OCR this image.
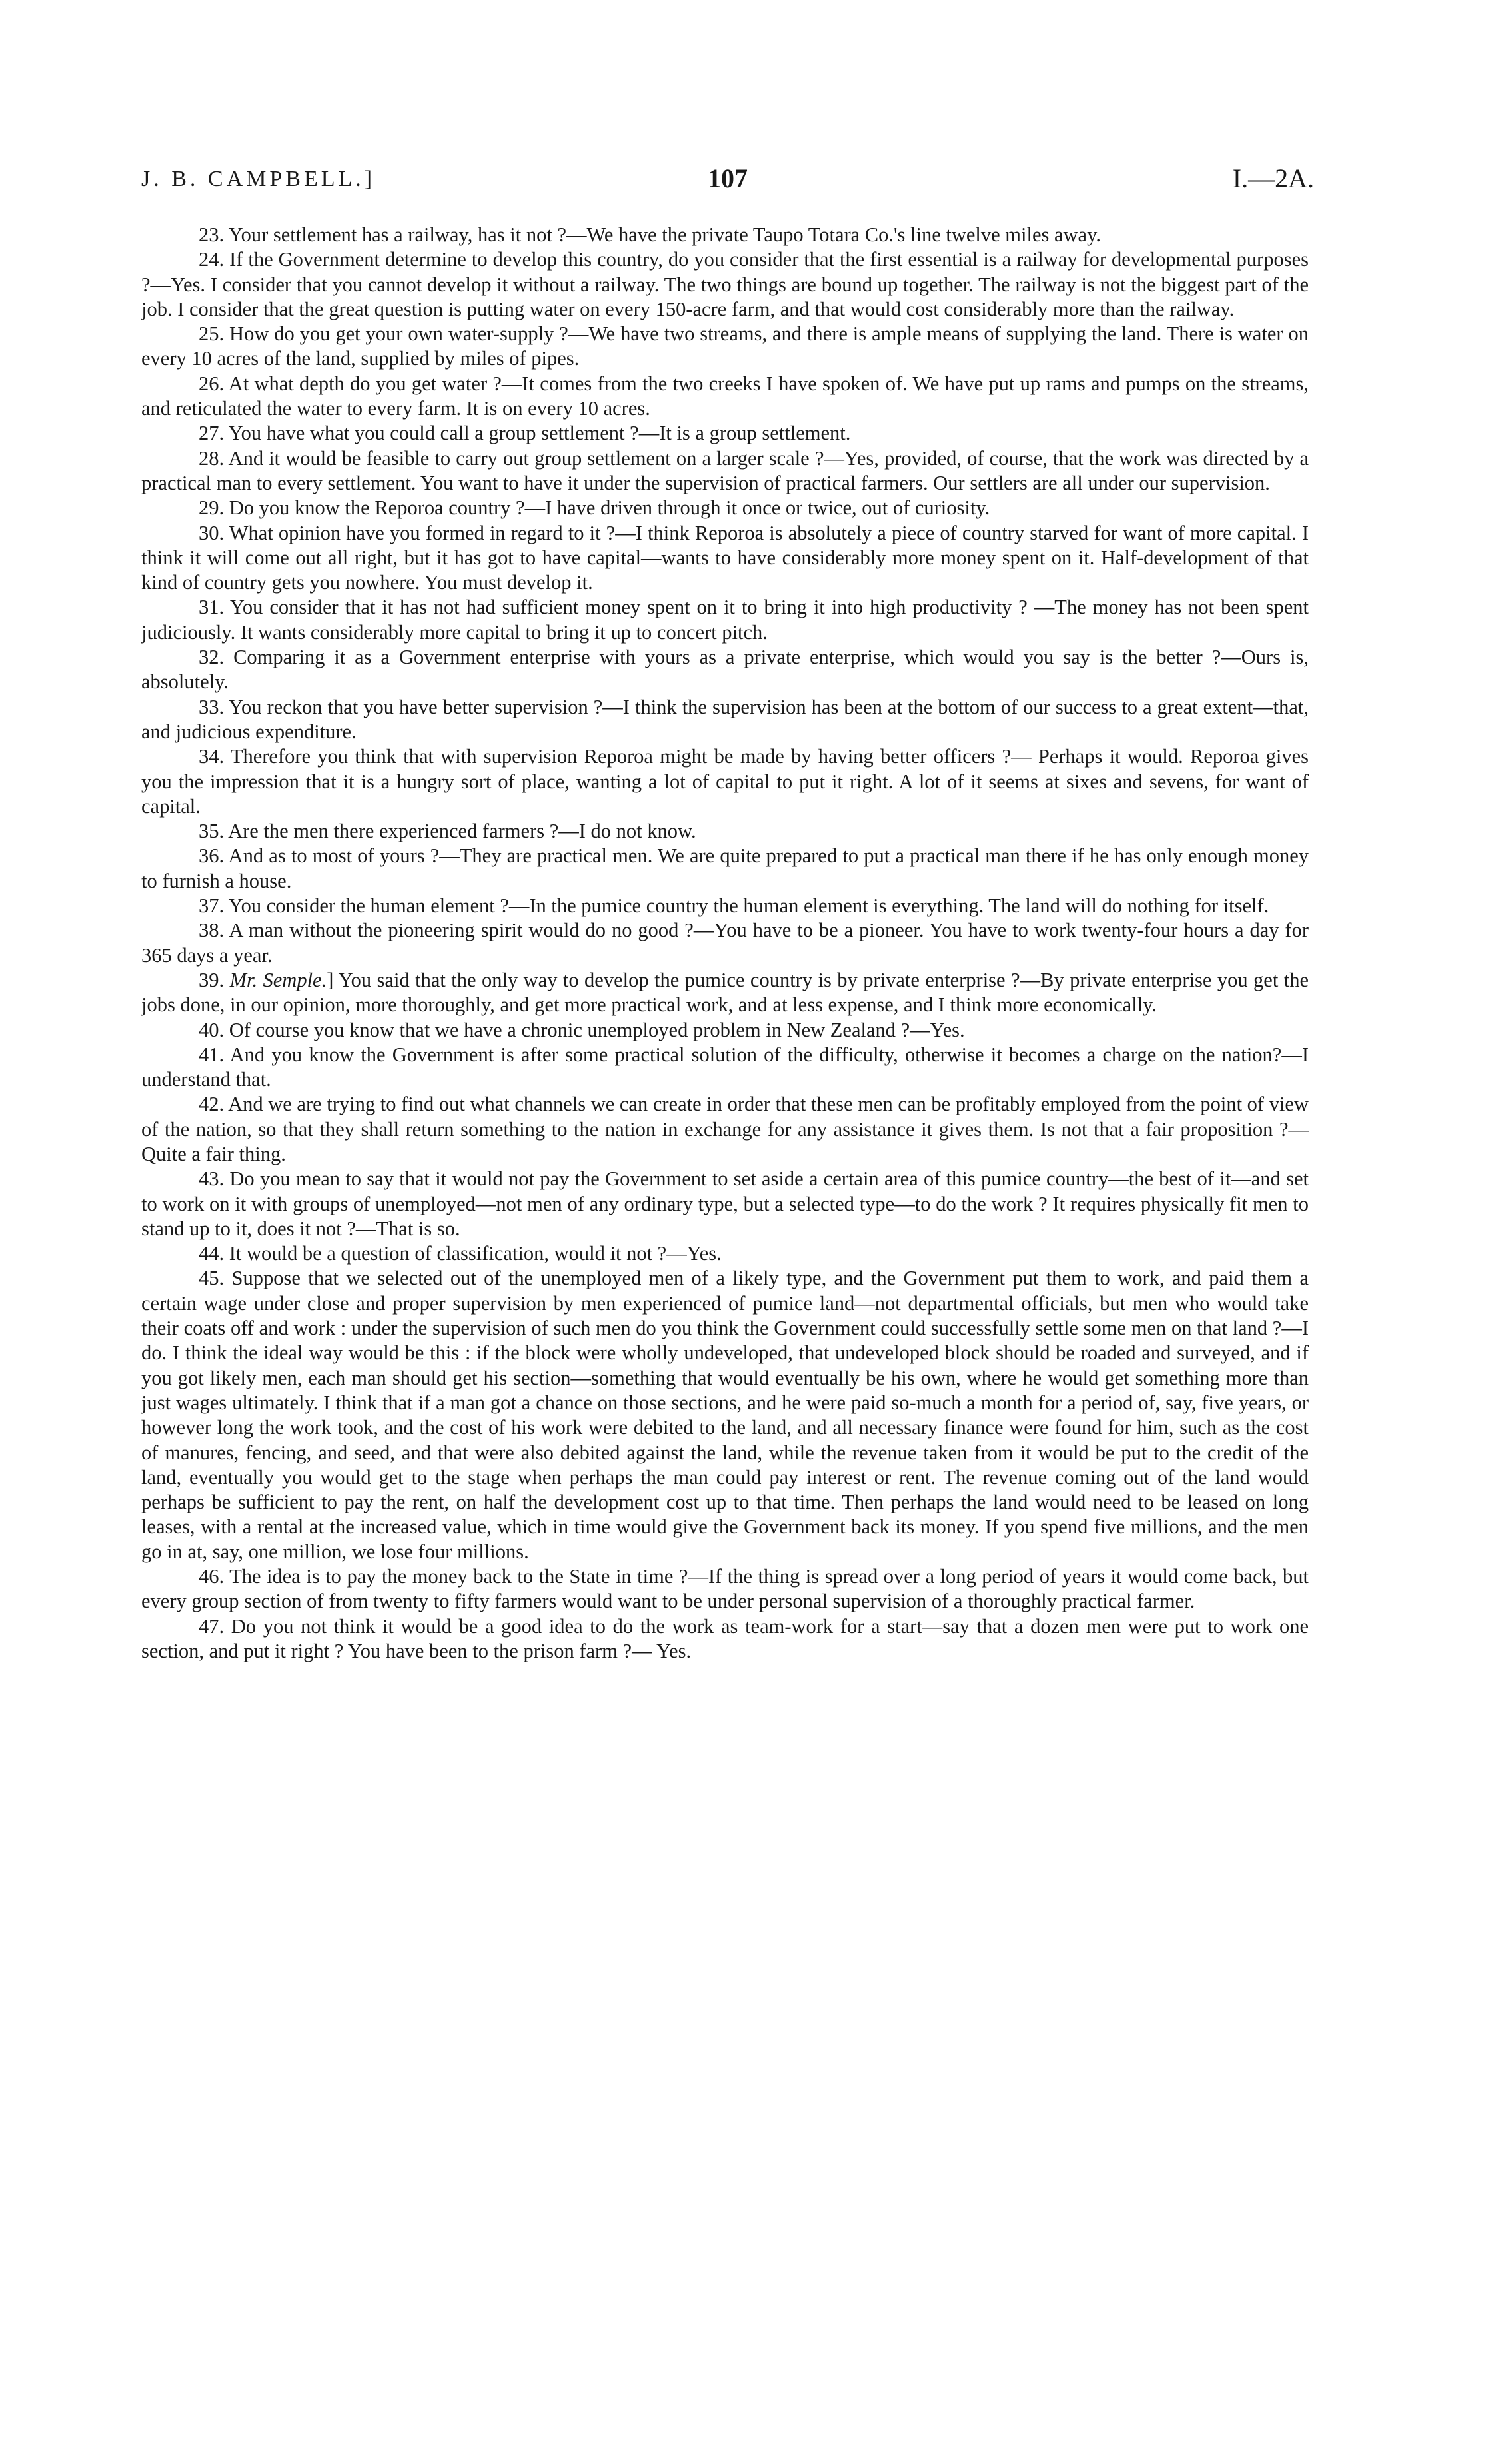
J. B. CAMPBELL.]	107	I.—2A.

23. Your settlement has a railway, has it not ?—We have the private Taupo Totara Co.'s line twelve miles away.

24. If the Government determine to develop this country, do you consider that the first essential is a railway for developmental purposes ?—Yes. I consider that you cannot develop it without a railway. The two things are bound up together. The railway is not the biggest part of the job. I consider that the great question is putting water on every 150-acre farm, and that would cost considerably more than the railway.

25. How do you get your own water-supply ?—We have two streams, and there is ample means of supplying the land. There is water on every 10 acres of the land, supplied by miles of pipes.

26. At what depth do you get water ?—It comes from the two creeks I have spoken of. We have put up rams and pumps on the streams, and reticulated the water to every farm. It is on every 10 acres.

27. You have what you could call a group settlement ?—It is a group settlement.

28. And it would be feasible to carry out group settlement on a larger scale ?—Yes, provided, of course, that the work was directed by a practical man to every settlement. You want to have it under the supervision of practical farmers. Our settlers are all under our supervision.

29. Do you know the Reporoa country ?—I have driven through it once or twice, out of curiosity.

30. What opinion have you formed in regard to it ?—I think Reporoa is absolutely a piece of country starved for want of more capital. I think it will come out all right, but it has got to have capital—wants to have considerably more money spent on it. Half-development of that kind of country gets you nowhere. You must develop it.

31. You consider that it has not had sufficient money spent on it to bring it into high productivity ? —The money has not been spent judiciously. It wants considerably more capital to bring it up to concert pitch.

32. Comparing it as a Government enterprise with yours as a private enterprise, which would you say is the better ?—Ours is, absolutely.

33. You reckon that you have better supervision ?—I think the supervision has been at the bottom of our success to a great extent—that, and judicious expenditure.

34. Therefore you think that with supervision Reporoa might be made by having better officers ?— Perhaps it would. Reporoa gives you the impression that it is a hungry sort of place, wanting a lot of capital to put it right. A lot of it seems at sixes and sevens, for want of capital.

35. Are the men there experienced farmers ?—I do not know.

36. And as to most of yours ?—They are practical men. We are quite prepared to put a practical man there if he has only enough money to furnish a house.

37. You consider the human element ?—In the pumice country the human element is everything. The land will do nothing for itself.

38. A man without the pioneering spirit would do no good ?—You have to be a pioneer. You have to work twenty-four hours a day for 365 days a year.

39. Mr. Semple.] You said that the only way to develop the pumice country is by private enterprise ?—By private enterprise you get the jobs done, in our opinion, more thoroughly, and get more practical work, and at less expense, and I think more economically.

40. Of course you know that we have a chronic unemployed problem in New Zealand ?—Yes.

41. And you know the Government is after some practical solution of the difficulty, otherwise it becomes a charge on the nation?—I understand that.

42. And we are trying to find out what channels we can create in order that these men can be profitably employed from the point of view of the nation, so that they shall return something to the nation in exchange for any assistance it gives them. Is not that a fair proposition ?—Quite a fair thing.

43. Do you mean to say that it would not pay the Government to set aside a certain area of this pumice country—the best of it—and set to work on it with groups of unemployed—not men of any ordinary type, but a selected type—to do the work ? It requires physically fit men to stand up to it, does it not ?—That is so.

44. It would be a question of classification, would it not ?—Yes.

45. Suppose that we selected out of the unemployed men of a likely type, and the Government put them to work, and paid them a certain wage under close and proper supervision by men experienced of pumice land—not departmental officials, but men who would take their coats off and work : under the supervision of such men do you think the Government could successfully settle some men on that land ?—I do. I think the ideal way would be this : if the block were wholly undeveloped, that undeveloped block should be roaded and surveyed, and if you got likely men, each man should get his section—something that would eventually be his own, where he would get something more than just wages ultimately. I think that if a man got a chance on those sections, and he were paid so-much a month for a period of, say, five years, or however long the work took, and the cost of his work were debited to the land, and all necessary finance were found for him, such as the cost of manures, fencing, and seed, and that were also debited against the land, while the revenue taken from it would be put to the credit of the land, eventually you would get to the stage when perhaps the man could pay interest or rent. The revenue coming out of the land would perhaps be sufficient to pay the rent, on half the development cost up to that time. Then perhaps the land would need to be leased on long leases, with a rental at the increased value, which in time would give the Government back its money. If you spend five millions, and the men go in at, say, one million, we lose four millions.

46. The idea is to pay the money back to the State in time ?—If the thing is spread over a long period of years it would come back, but every group section of from twenty to fifty farmers would want to be under personal supervision of a thoroughly practical farmer.

47. Do you not think it would be a good idea to do the work as team-work for a start—say that a dozen men were put to work one section, and put it right ? You have been to the prison farm ?— Yes.
